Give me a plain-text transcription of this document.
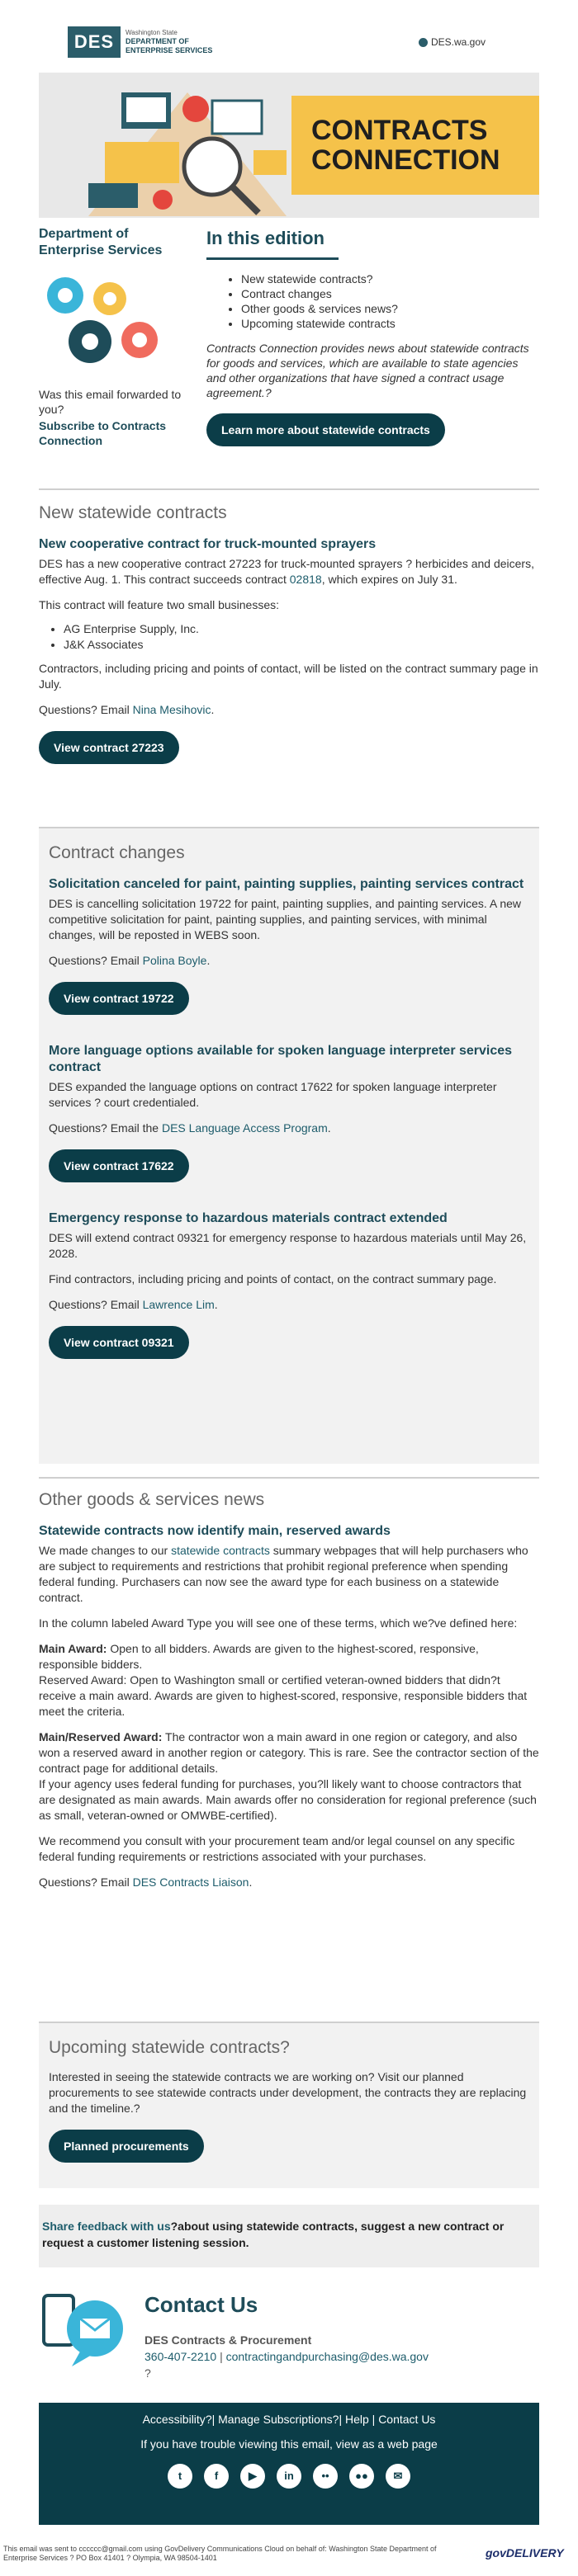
DES	Washington State
DEPARTMENT OF
ENTERPRISE SERVICES
DES.wa.gov
CONTRACTS
CONNECTION

Department of Enterprise Services

Was this email forwarded to you?
Subscribe to Contracts Connection

In this edition

• New statewide contracts?
• Contract changes
• Other goods & services news?
• Upcoming statewide contracts
Contracts Connection provides news about statewide contracts for goods and services, which are available to state agencies and other organizations that have signed a contract usage agreement.?
Learn more about statewide contracts

New statewide contracts

New cooperative contract for truck-mounted sprayers

DES has a new cooperative contract 27223 for truck-mounted sprayers ? herbicides and deicers, effective Aug. 1. This contract succeeds contract 02818, which expires on July 31.

This contract will feature two small businesses:

• AG Enterprise Supply, Inc.
• J&K Associates

Contractors, including pricing and points of contact, will be listed on the contract summary page in July.

Questions? Email Nina Mesihovic.

View contract 27223

Contract changes

Solicitation canceled for paint, painting supplies, painting services contract

DES is cancelling solicitation 19722 for paint, painting supplies, and painting services. A new competitive solicitation for paint, painting supplies, and painting services, with minimal changes, will be reposted in WEBS soon.

Questions? Email Polina Boyle.

View contract 19722

More language options available for spoken language interpreter services contract

DES expanded the language options on contract 17622 for spoken language interpreter services ? court credentialed.

Questions? Email the DES Language Access Program.

View contract 17622

Emergency response to hazardous materials contract extended

DES will extend contract 09321 for emergency response to hazardous materials until May 26, 2028.

Find contractors, including pricing and points of contact, on the contract summary page.

Questions? Email Lawrence Lim.

View contract 09321

Other goods & services news

Statewide contracts now identify main, reserved awards

We made changes to our statewide contracts summary webpages that will help purchasers who are subject to requirements and restrictions that prohibit regional preference when spending federal funding. Purchasers can now see the award type for each business on a statewide contract.

In the column labeled Award Type you will see one of these terms, which we?ve defined here:

Main Award: Open to all bidders. Awards are given to the highest-scored, responsive, responsible bidders.

Reserved Award: Open to Washington small or certified veteran-owned bidders that didn?t receive a main award. Awards are given to highest-scored, responsive, responsible bidders that meet the criteria.

Main/Reserved Award: The contractor won a main award in one region or category, and also won a reserved award in another region or category. This is rare. See the contractor section of the contract page for additional details.

If your agency uses federal funding for purchases, you?ll likely want to choose contractors that are designated as main awards. Main awards offer no consideration for regional preference (such as small, veteran-owned or OMWBE-certified).

We recommend you consult with your procurement team and/or legal counsel on any specific federal funding requirements or restrictions associated with your purchases.

Questions? Email DES Contracts Liaison.

Upcoming statewide contracts?

Interested in seeing the statewide contracts we are working on? Visit our planned procurements to see statewide contracts under development, the contracts they are replacing and the timeline.?

Planned procurements

Share feedback with us?about using statewide contracts, suggest a new contract or request a customer listening session.

Contact Us

DES Contracts & Procurement
360-407-2210 | contractingandpurchasing@des.wa.gov
?
Accessibility?| Manage Subscriptions?| Help | Contact Us
If you have trouble viewing this email, view as a web page
t	f	▶	in	•• ●● ✉
This email was sent to cccccc@gmail.com using GovDelivery Communications Cloud on behalf of: Washington State Department of Enterprise Services ? PO Box 41401 ? Olympia, WA 98504-1401	govDELIVERY
